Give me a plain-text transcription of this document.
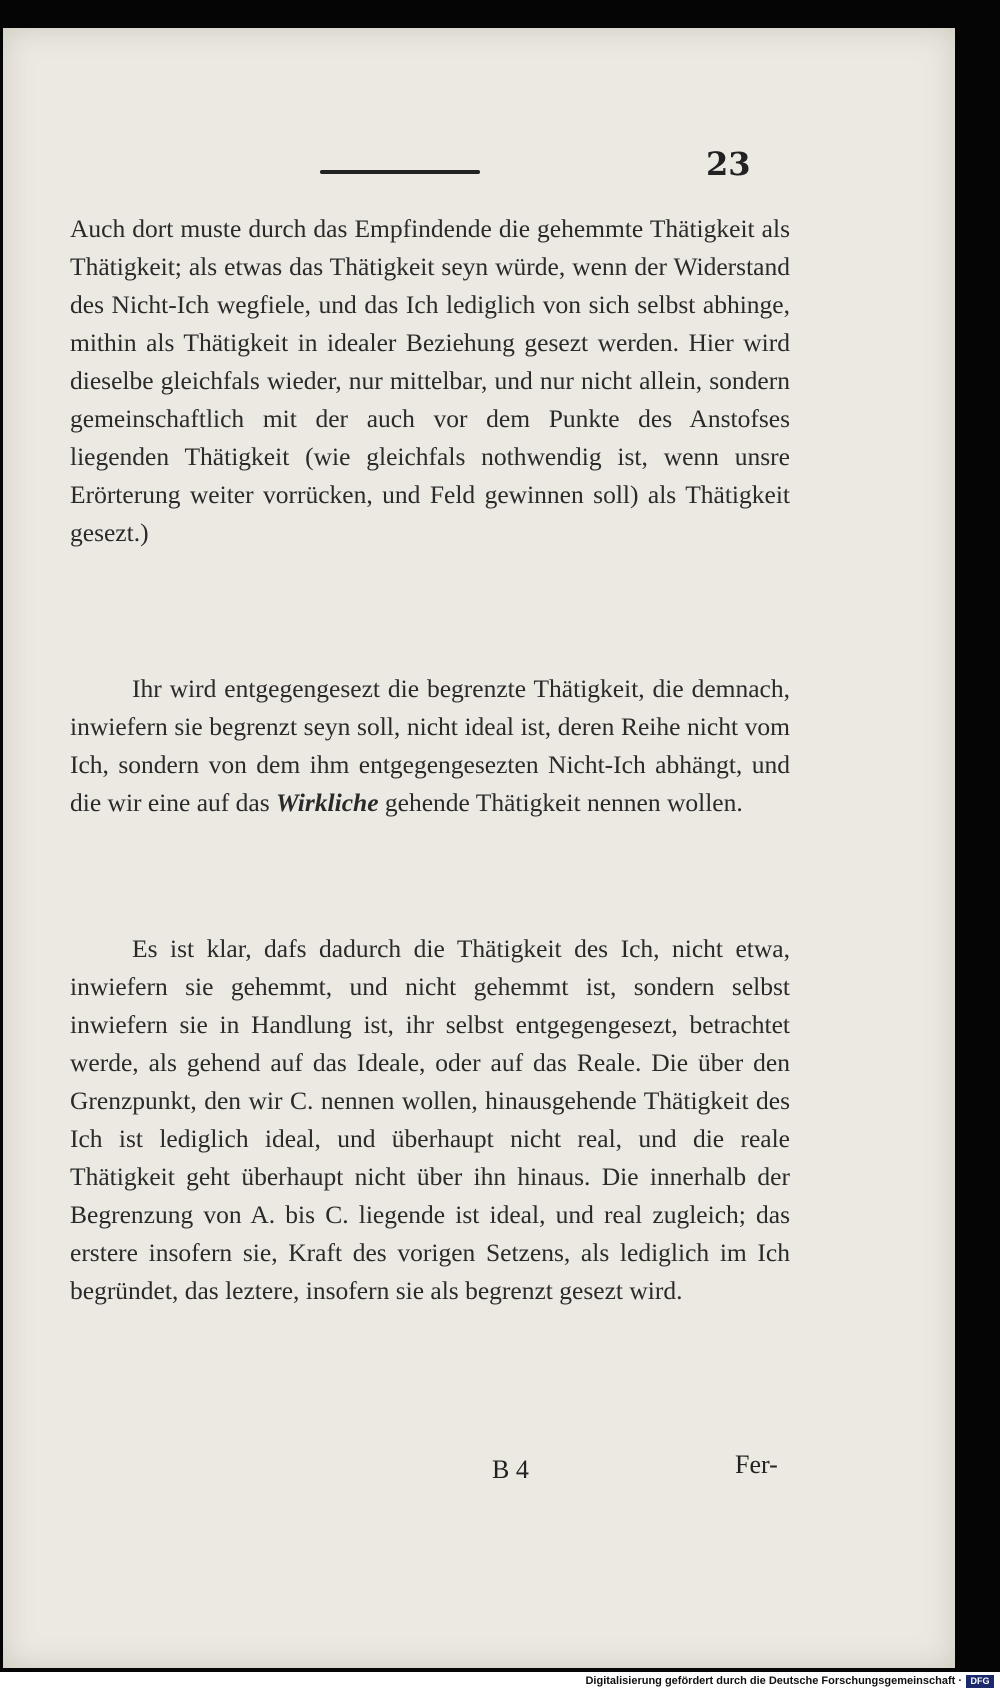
23

Auch dort muste durch das Empfindende die gehemmte Thätigkeit als Thätigkeit; als etwas das Thätigkeit seyn würde, wenn der Widerstand des Nicht-Ich wegfiele, und das Ich lediglich von sich selbst abhinge, mithin als Thätigkeit in idealer Beziehung gesezt werden. Hier wird dieselbe gleichfals wieder, nur mittelbar, und nur nicht allein, sondern gemeinschaftlich mit der auch vor dem Punkte des Anstofses liegenden Thätigkeit (wie gleichfals nothwendig ist, wenn unsre Erörterung weiter vorrücken, und Feld gewinnen soll) als Thätigkeit gesezt.)

Ihr wird entgegengesezt die begrenzte Thätigkeit, die demnach, inwiefern sie begrenzt seyn soll, nicht ideal ist, deren Reihe nicht vom Ich, sondern von dem ihm entgegengesezten Nicht-Ich abhängt, und die wir eine auf das Wirkliche gehende Thätigkeit nennen wollen.

Es ist klar, dafs dadurch die Thätigkeit des Ich, nicht etwa, inwiefern sie gehemmt, und nicht gehemmt ist, sondern selbst inwiefern sie in Handlung ist, ihr selbst entgegengesezt, betrachtet werde, als gehend auf das Ideale, oder auf das Reale. Die über den Grenzpunkt, den wir C. nennen wollen, hinausgehende Thätigkeit des Ich ist lediglich ideal, und überhaupt nicht real, und die reale Thätigkeit geht überhaupt nicht über ihn hinaus. Die innerhalb der Begrenzung von A. bis C. liegende ist ideal, und real zugleich; das erstere insofern sie, Kraft des vorigen Setzens, als lediglich im Ich begründet, das leztere, insofern sie als begrenzt gesezt wird.

B 4	Fer-
Digitalisierung gefördert durch die Deutsche Forschungsgemeinschaft · DFG
